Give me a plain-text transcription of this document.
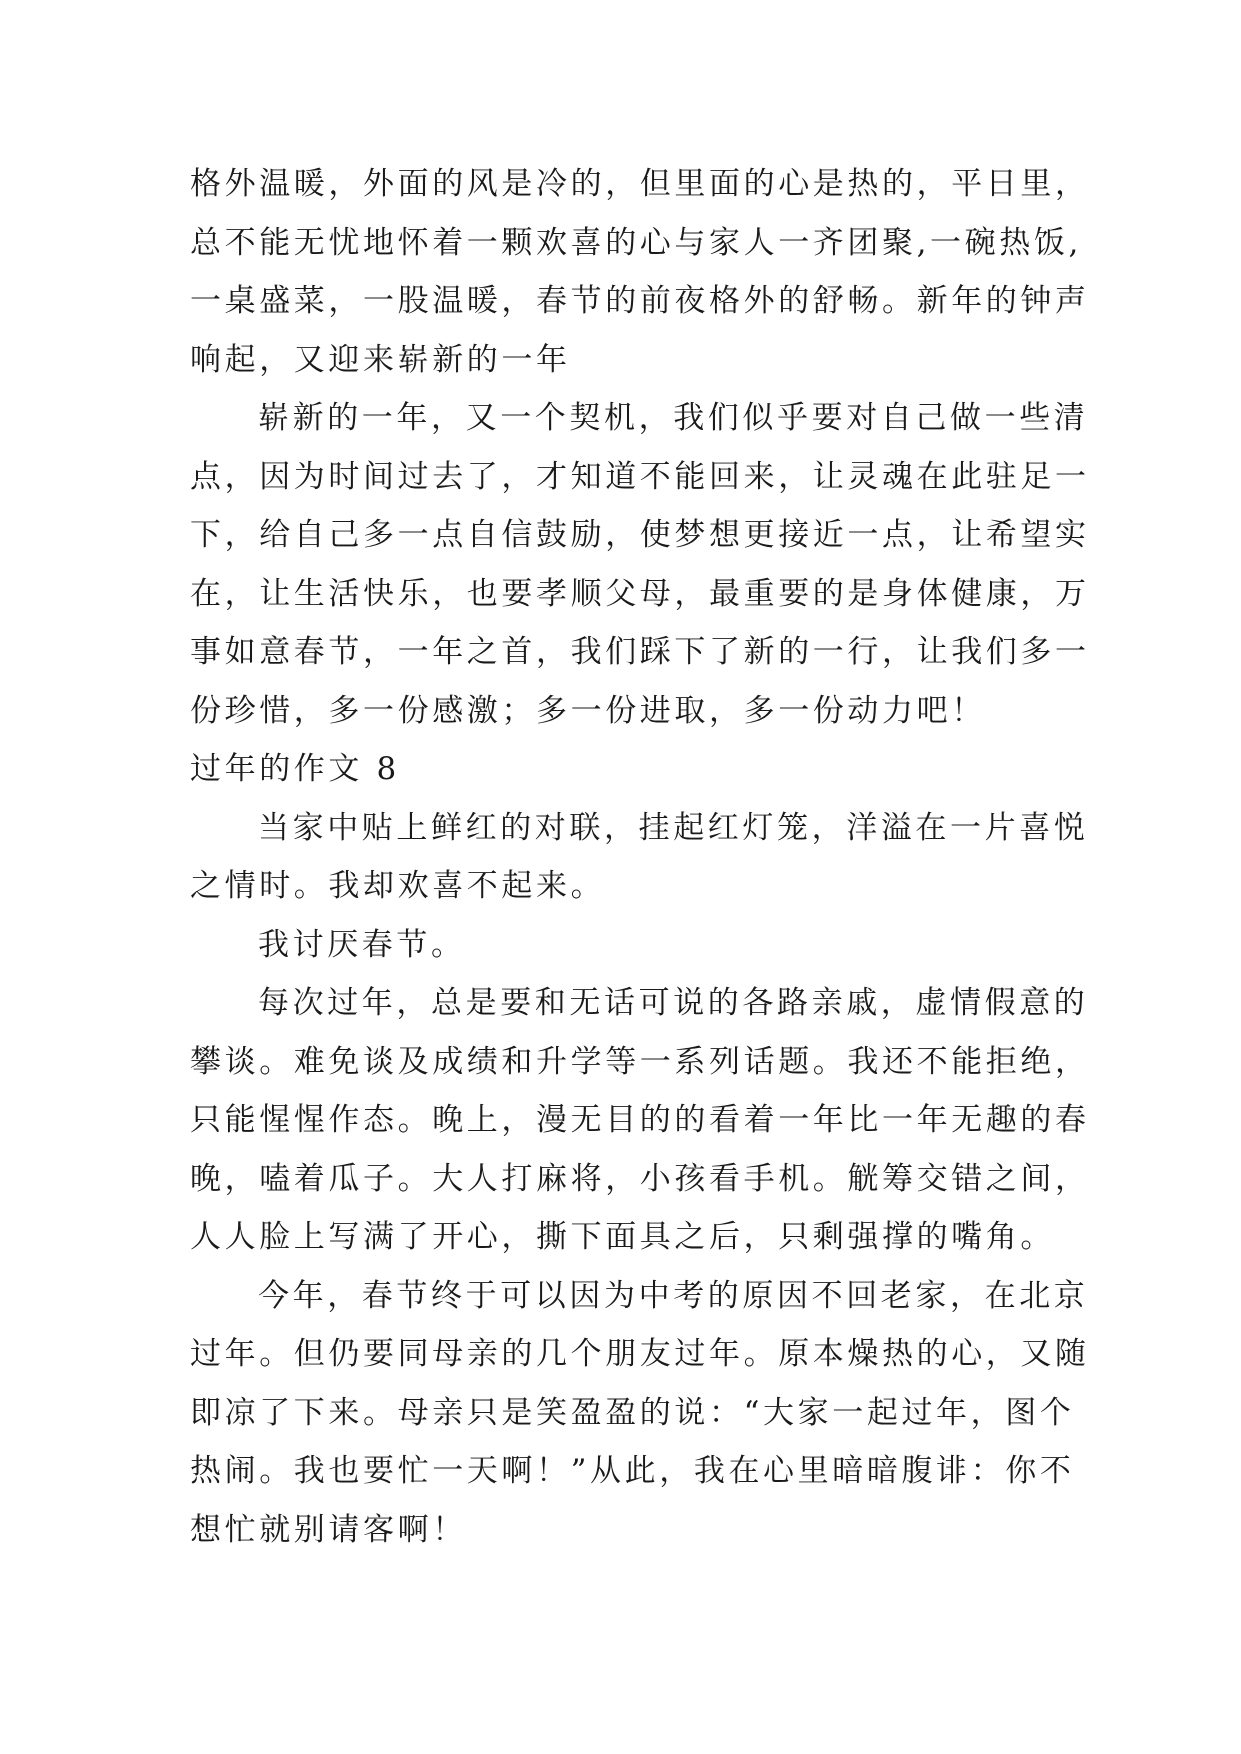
格外温暖，外面的风是冷的，但里面的心是热的，平日里，
总不能无忧地怀着一颗欢喜的心与家人一齐团聚,一碗热饭,
一桌盛菜，一股温暖，春节的前夜格外的舒畅。新年的钟声
响起，又迎来崭新的一年
崭新的一年，又一个契机，我们似乎要对自己做一些清
点，因为时间过去了，才知道不能回来，让灵魂在此驻足一
下，给自己多一点自信鼓励，使梦想更接近一点，让希望实
在，让生活快乐，也要孝顺父母，最重要的是身体健康，万
事如意春节，一年之首，我们踩下了新的一行，让我们多一
份珍惜，多一份感激；多一份进取，多一份动力吧！
过年的作文 8
当家中贴上鲜红的对联，挂起红灯笼，洋溢在一片喜悦
之情时。我却欢喜不起来。
我讨厌春节。
每次过年，总是要和无话可说的各路亲戚，虚情假意的
攀谈。难免谈及成绩和升学等一系列话题。我还不能拒绝，
只能惺惺作态。晚上，漫无目的的看着一年比一年无趣的春
晚，嗑着瓜子。大人打麻将，小孩看手机。觥筹交错之间，
人人脸上写满了开心，撕下面具之后，只剩强撑的嘴角。
今年，春节终于可以因为中考的原因不回老家，在北京
过年。但仍要同母亲的几个朋友过年。原本燥热的心，又随
即凉了下来。母亲只是笑盈盈的说：“大家一起过年，图个
热闹。我也要忙一天啊！”从此，我在心里暗暗腹诽：你不
想忙就别请客啊！
